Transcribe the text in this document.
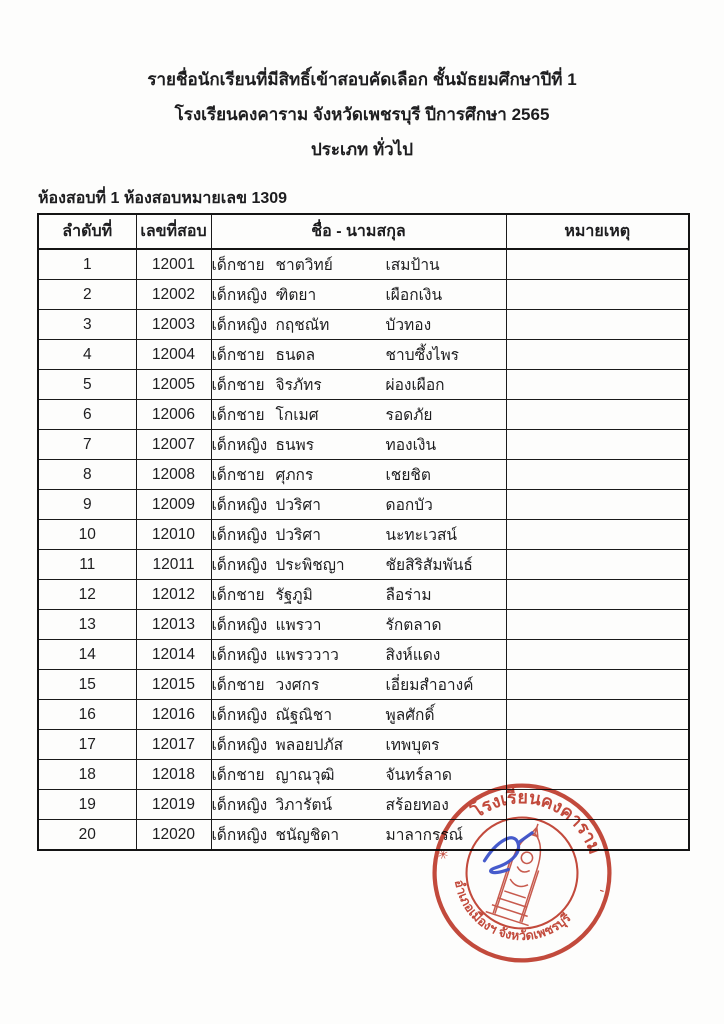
รายชื่อนักเรียนที่มีสิทธิ์เข้าสอบคัดเลือก ชั้นมัธยมศึกษาปีที่ 1
โรงเรียนคงคาราม จังหวัดเพชรบุรี ปีการศึกษา 2565
ประเภท ทั่วไป
ห้องสอบที่ 1 ห้องสอบหมายเลข 1309
ลำดับที่	เลขที่สอบ	ชื่อ - นามสกุล	หมายเหตุ
1	12001	เด็กชาย ชาตวิทย์ เสมป้าน	
2	12002	เด็กหญิง ฑิตยา เผือกเงิน	
3	12003	เด็กหญิง กฤชณัท บัวทอง	
4	12004	เด็กชาย ธนดล ชาบซึ้งไพร	
5	12005	เด็กชาย จิรภัทร ผ่องเผือก	
6	12006	เด็กชาย โกเมศ รอดภัย	
7	12007	เด็กหญิง ธนพร ทองเงิน	
8	12008	เด็กชาย ศุภกร เชยชิต	
9	12009	เด็กหญิง ปวริศา ดอกบัว	
10	12010	เด็กหญิง ปวริศา นะทะเวสน์	
11	12011	เด็กหญิง ประพิชญา ชัยสิริสัมพันธ์	
12	12012	เด็กชาย รัฐภูมิ ลือร่าม	
13	12013	เด็กหญิง แพรวา รักตลาด	
14	12014	เด็กหญิง แพรววาว สิงห์แดง	
15	12015	เด็กชาย วงศกร เอี่ยมสำอางค์	
16	12016	เด็กหญิง ณัฐณิชา พูลศักดิ์	
17	12017	เด็กหญิง พลอยปภัส เทพบุตร	
18	12018	เด็กชาย ญาณวุฒิ จันทร์ลาด	
19	12019	เด็กหญิง วิภารัตน์ สร้อยทอง	
20	12020	เด็กหญิง ชนัญชิดา มาลากรรณ์	
โรงเรียนคงคาราม
อำเภอเมืองฯ จังหวัดเพชรบุรี
✳
-
